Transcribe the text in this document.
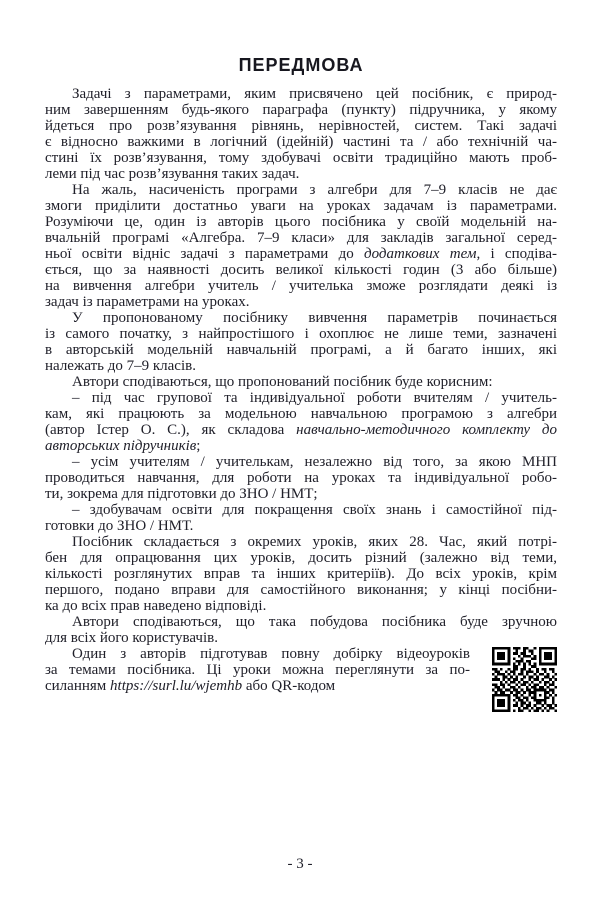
ПЕРЕДМОВА
Задачі з параметрами, яким присвячено цей посібник, є природ-
ним завершенням будь-якого параграфа (пункту) підручника, у якому
йдеться про розв’язування рівнянь, нерівностей, систем. Такі задачі
є відносно важкими в логічний (ідейній) частині та / або технічній ча-
стині їх розв’язування, тому здобувачі освіти традиційно мають проб-
леми під час розв’язування таких задач.
На жаль, насиченість програми з алгебри для 7–9 класів не дає
змоги приділити достатньо уваги на уроках задачам із параметрами.
Розуміючи це, один із авторів цього посібника у своїй модельній на-
вчальній програмі «Алгебра. 7–9 класи» для закладів загальної серед-
ньої освіти відніс задачі з параметрами до додаткових тем, і сподіва-
ється, що за наявності досить великої кількості годин (3 або більше)
на вивчення алгебри учитель / учителька зможе розглядати деякі із
задач із параметрами на уроках.
У пропонованому посібнику вивчення параметрів починається
із самого початку, з найпростішого і охоплює не лише теми, зазначені
в авторській модельній навчальній програмі, а й багато інших, які
належать до 7–9 класів.
Автори сподіваються, що пропонований посібник буде корисним:
– під час групової та індивідуальної роботи вчителям / учитель-
кам, які працюють за модельною навчальною програмою з алгебри
(автор Істер О. С.), як складова навчально-методичного комплекту до
авторських підручників;
– усім учителям / учителькам, незалежно від того, за якою МНП
проводиться навчання, для роботи на уроках та індивідуальної робо-
ти, зокрема для підготовки до ЗНО / НМТ;
– здобувачам освіти для покращення своїх знань і самостійної під-
готовки до ЗНО / НМТ.
Посібник складається з окремих уроків, яких 28. Час, який потрі-
бен для опрацювання цих уроків, досить різний (залежно від теми,
кількості розглянутих вправ та інших критеріїв). До всіх уроків, крім
першого, подано вправи для самостійного виконання; у кінці посібни-
ка до всіх прав наведено відповіді.
Автори сподіваються, що така побудова посібника буде зручною
для всіх його користувачів.
Один з авторів підготував повну добірку відеоуроків
за темами посібника. Ці уроки можна переглянути за по-
силанням https://surl.lu/wjemhb або QR-кодом
- 3 -
